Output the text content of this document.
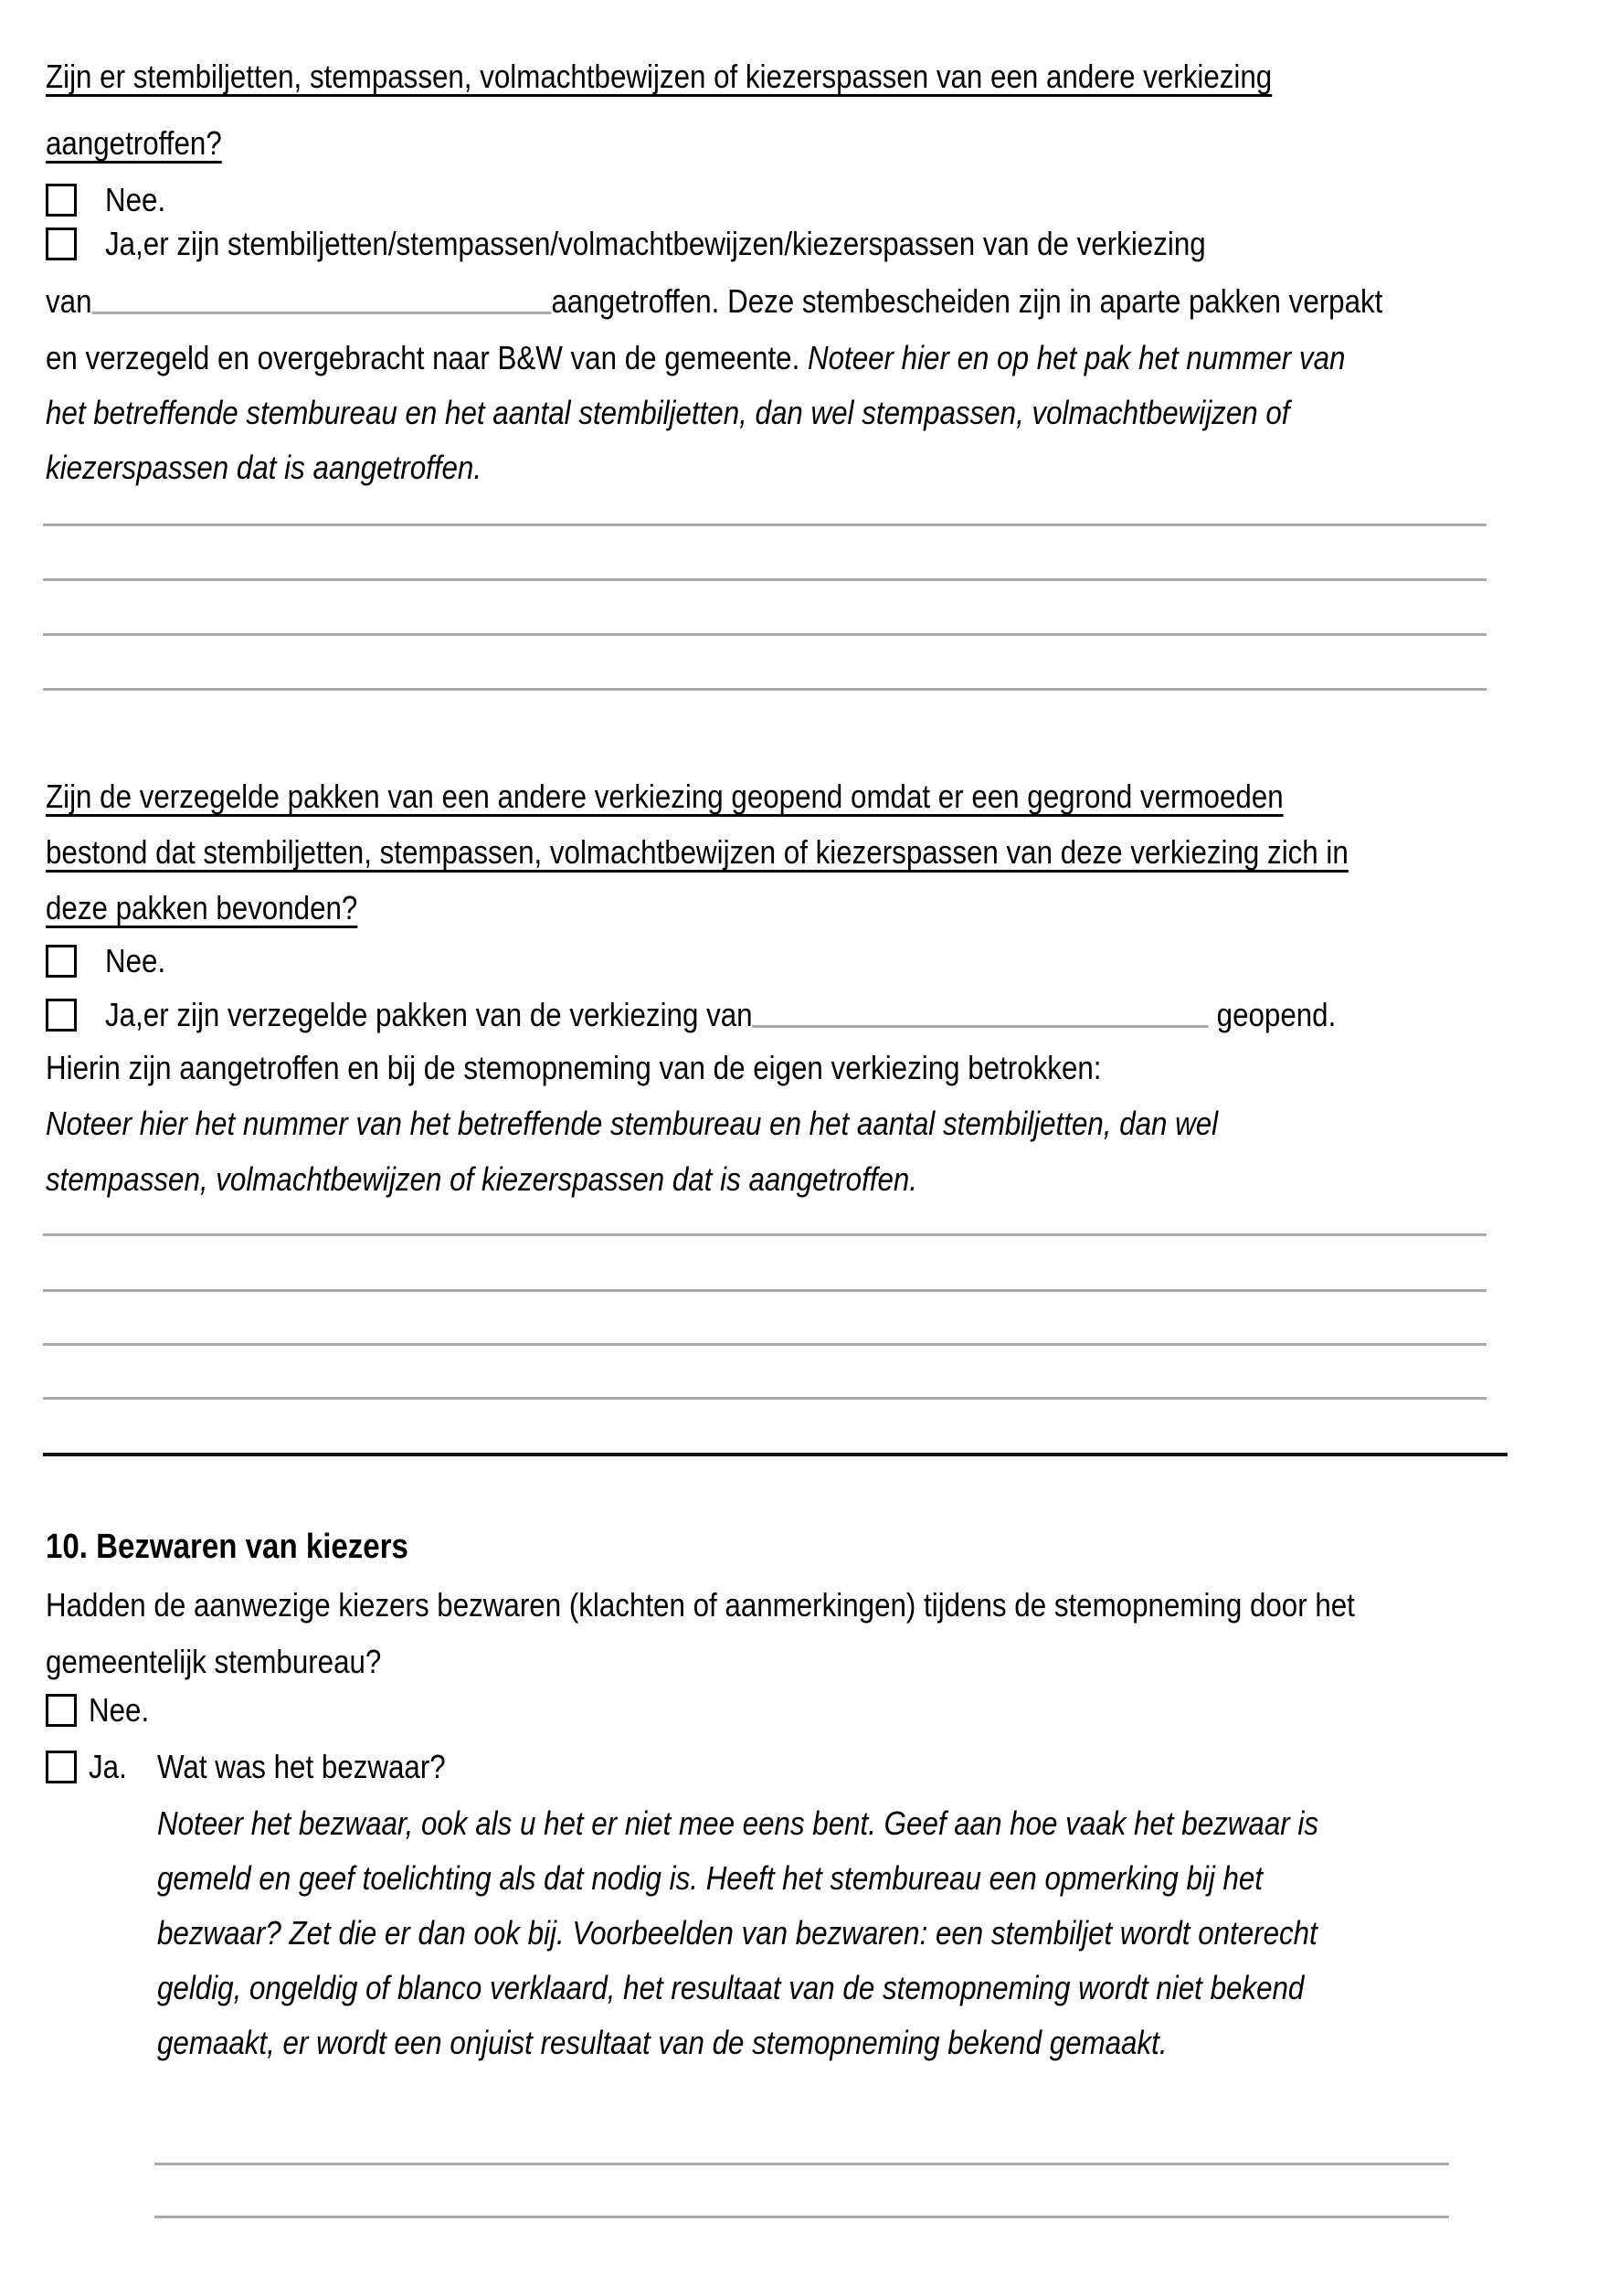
Zijn er stembiljetten, stempassen, volmachtbewijzen of kiezerspassen van een andere verkiezing
aangetroffen?
Nee.
Ja,er zijn stembiljetten/stempassen/volmachtbewijzen/kiezerspassen van de verkiezing
van	aangetroffen. Deze stembescheiden zijn in aparte pakken verpakt
en verzegeld en overgebracht naar B&W van de gemeente. Noteer hier en op het pak het nummer van
het betreffende stembureau en het aantal stembiljetten, dan wel stempassen, volmachtbewijzen of
kiezerspassen dat is aangetroffen.
Zijn de verzegelde pakken van een andere verkiezing geopend omdat er een gegrond vermoeden
bestond dat stembiljetten, stempassen, volmachtbewijzen of kiezerspassen van deze verkiezing zich in
deze pakken bevonden?
Nee.
Ja,er zijn verzegelde pakken van de verkiezing van	geopend.
Hierin zijn aangetroffen en bij de stemopneming van de eigen verkiezing betrokken:
Noteer hier het nummer van het betreffende stembureau en het aantal stembiljetten, dan wel
stempassen, volmachtbewijzen of kiezerspassen dat is aangetroffen.
10. Bezwaren van kiezers
Hadden de aanwezige kiezers bezwaren (klachten of aanmerkingen) tijdens de stemopneming door het
gemeentelijk stembureau?
Nee.
Ja. Wat was het bezwaar?
Noteer het bezwaar, ook als u het er niet mee eens bent. Geef aan hoe vaak het bezwaar is
gemeld en geef toelichting als dat nodig is. Heeft het stembureau een opmerking bij het
bezwaar? Zet die er dan ook bij. Voorbeelden van bezwaren: een stembiljet wordt onterecht
geldig, ongeldig of blanco verklaard, het resultaat van de stemopneming wordt niet bekend
gemaakt, er wordt een onjuist resultaat van de stemopneming bekend gemaakt.
